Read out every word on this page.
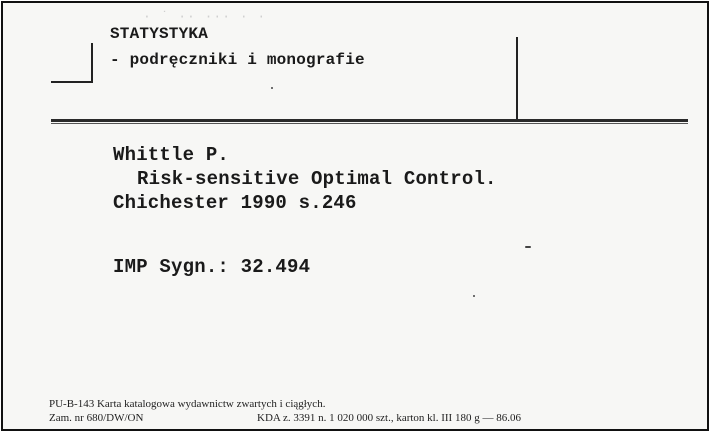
· ˙ ·· ··· · ·
STATYSTYKA
- podręczniki i monografie
Whittle P.
Risk-sensitive Optimal Control.
Chichester 1990 s.246
IMP Sygn.: 32.494
PU-B-143 Karta katalogowa wydawnictw zwartych i ciągłych.
Zam. nr 680/DW/ON	KDA z. 3391 n. 1 020 000 szt., karton kl. III 180 g — 86.06
